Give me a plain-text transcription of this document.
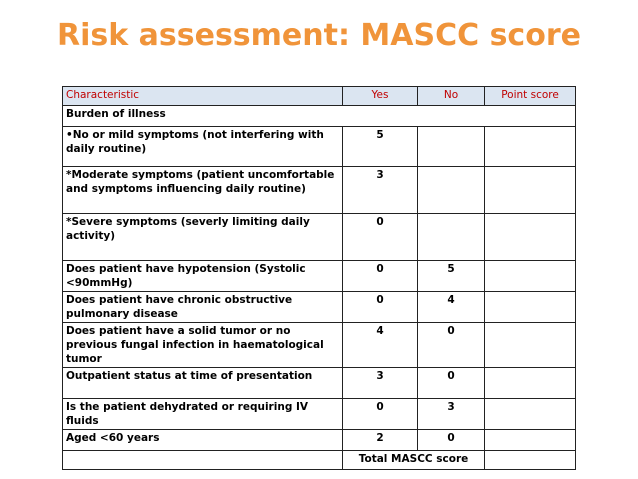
Risk assessment: MASCC score
Characteristic	Yes	No	Point score
Burden of illness			
•No or mild symptoms (not interfering with daily routine)	5		
*Moderate symptoms (patient uncomfortable and symptoms influencing daily routine)	3		
*Severe symptoms (severly limiting daily activity)	0		
Does patient have hypotension (Systolic <90mmHg)	0	5	
Does patient have chronic obstructive pulmonary disease	0	4	
Does patient have a solid tumor or no previous fungal infection in haematological tumor	4	0	
Outpatient status at time of presentation	3	0	
Is the patient dehydrated or requiring IV fluids	0	3	
Aged <60 years	2	0	
	Total MASCC score		
